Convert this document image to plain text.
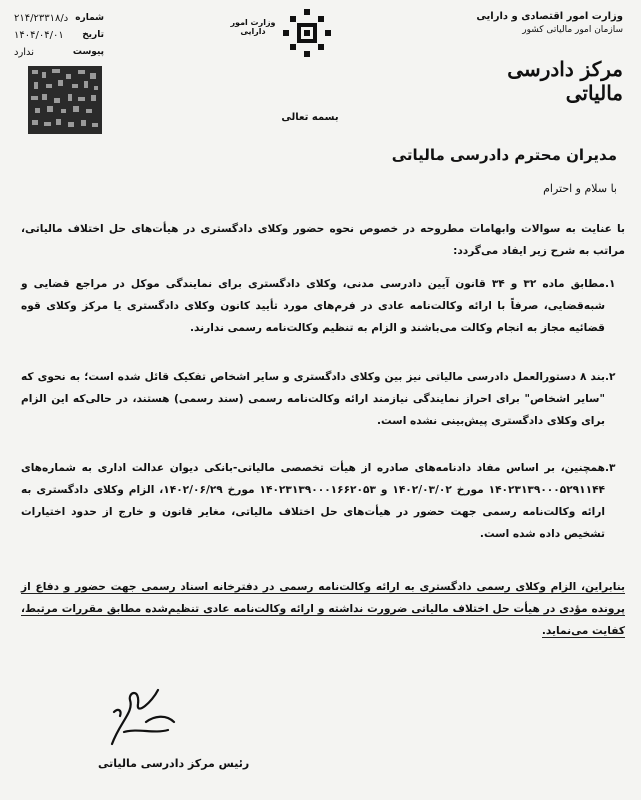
وزارت امور اقتصادی و دارایی
سازمان امور مالیاتی کشور
مرکز دادرسی مالیاتی
وزارت امور دارایی
شماره
د/۲۱۴/۲۳۳۱۸
تاریخ
۱۴۰۴/۰۴/۰۱
پیوست
ندارد
بسمه تعالی
مدیران محترم دادرسی مالیاتی
با سلام و احترام
با عنایت به سوالات وابهامات مطروحه در خصوص نحوه حضور وکلای دادگستری در هیأت‌های حل اختلاف مالیاتی، مراتب به شرح زیر ایفاد می‌گردد:
۱.
مطابق ماده ۳۲ و ۳۴ قانون آیین دادرسی مدنی، وکلای دادگستری برای نمایندگی موکل در مراجع قضایی و شبه‌قضایی، صرفاً با ارائه وکالت‌نامه عادی در فرم‌های مورد تأیید کانون وکلای دادگستری یا مرکز وکلای قوه قضائیه مجاز به انجام وکالت می‌باشند و الزام به تنظیم وکالت‌نامه رسمی ندارند.
۲.
بند ۸ دستورالعمل دادرسی مالیاتی نیز بین وکلای دادگستری و سایر اشخاص تفکیک قائل شده است؛ به نحوی که "سایر اشخاص" برای احراز نمایندگی نیازمند ارائه وکالت‌نامه رسمی (سند رسمی) هستند، در حالی‌که این الزام برای وکلای دادگستری پیش‌بینی نشده است.
۳.
همچنین، بر اساس مفاد دادنامه‌های صادره از هیأت تخصصی مالیاتی-بانکی دیوان عدالت اداری به شماره‌های ۱۴۰۲۳۱۳۹۰۰۰۵۲۹۱۱۴۴ مورخ ۱۴۰۲/۰۳/۰۲ و ۱۴۰۲۳۱۳۹۰۰۰۱۶۶۲۰۵۳ مورخ ۱۴۰۲/۰۶/۲۹، الزام وکلای دادگستری به ارائه وکالت‌نامه رسمی جهت حضور در هیأت‌های حل اختلاف مالیاتی، مغایر قانون و خارج از حدود اختیارات تشخیص داده شده است.
بنابراین، الزام وکلای رسمی دادگستری به ارائه وکالت‌نامه رسمی در دفترخانه اسناد رسمی جهت حضور و دفاع از پرونده مؤدی در هیأت حل اختلاف مالیاتی ضرورت نداشته و ارائه وکالت‌نامه عادی تنظیم‌شده مطابق مقررات مرتبط، کفایت می‌نماید.
رئیس مرکز دادرسی مالیاتی
